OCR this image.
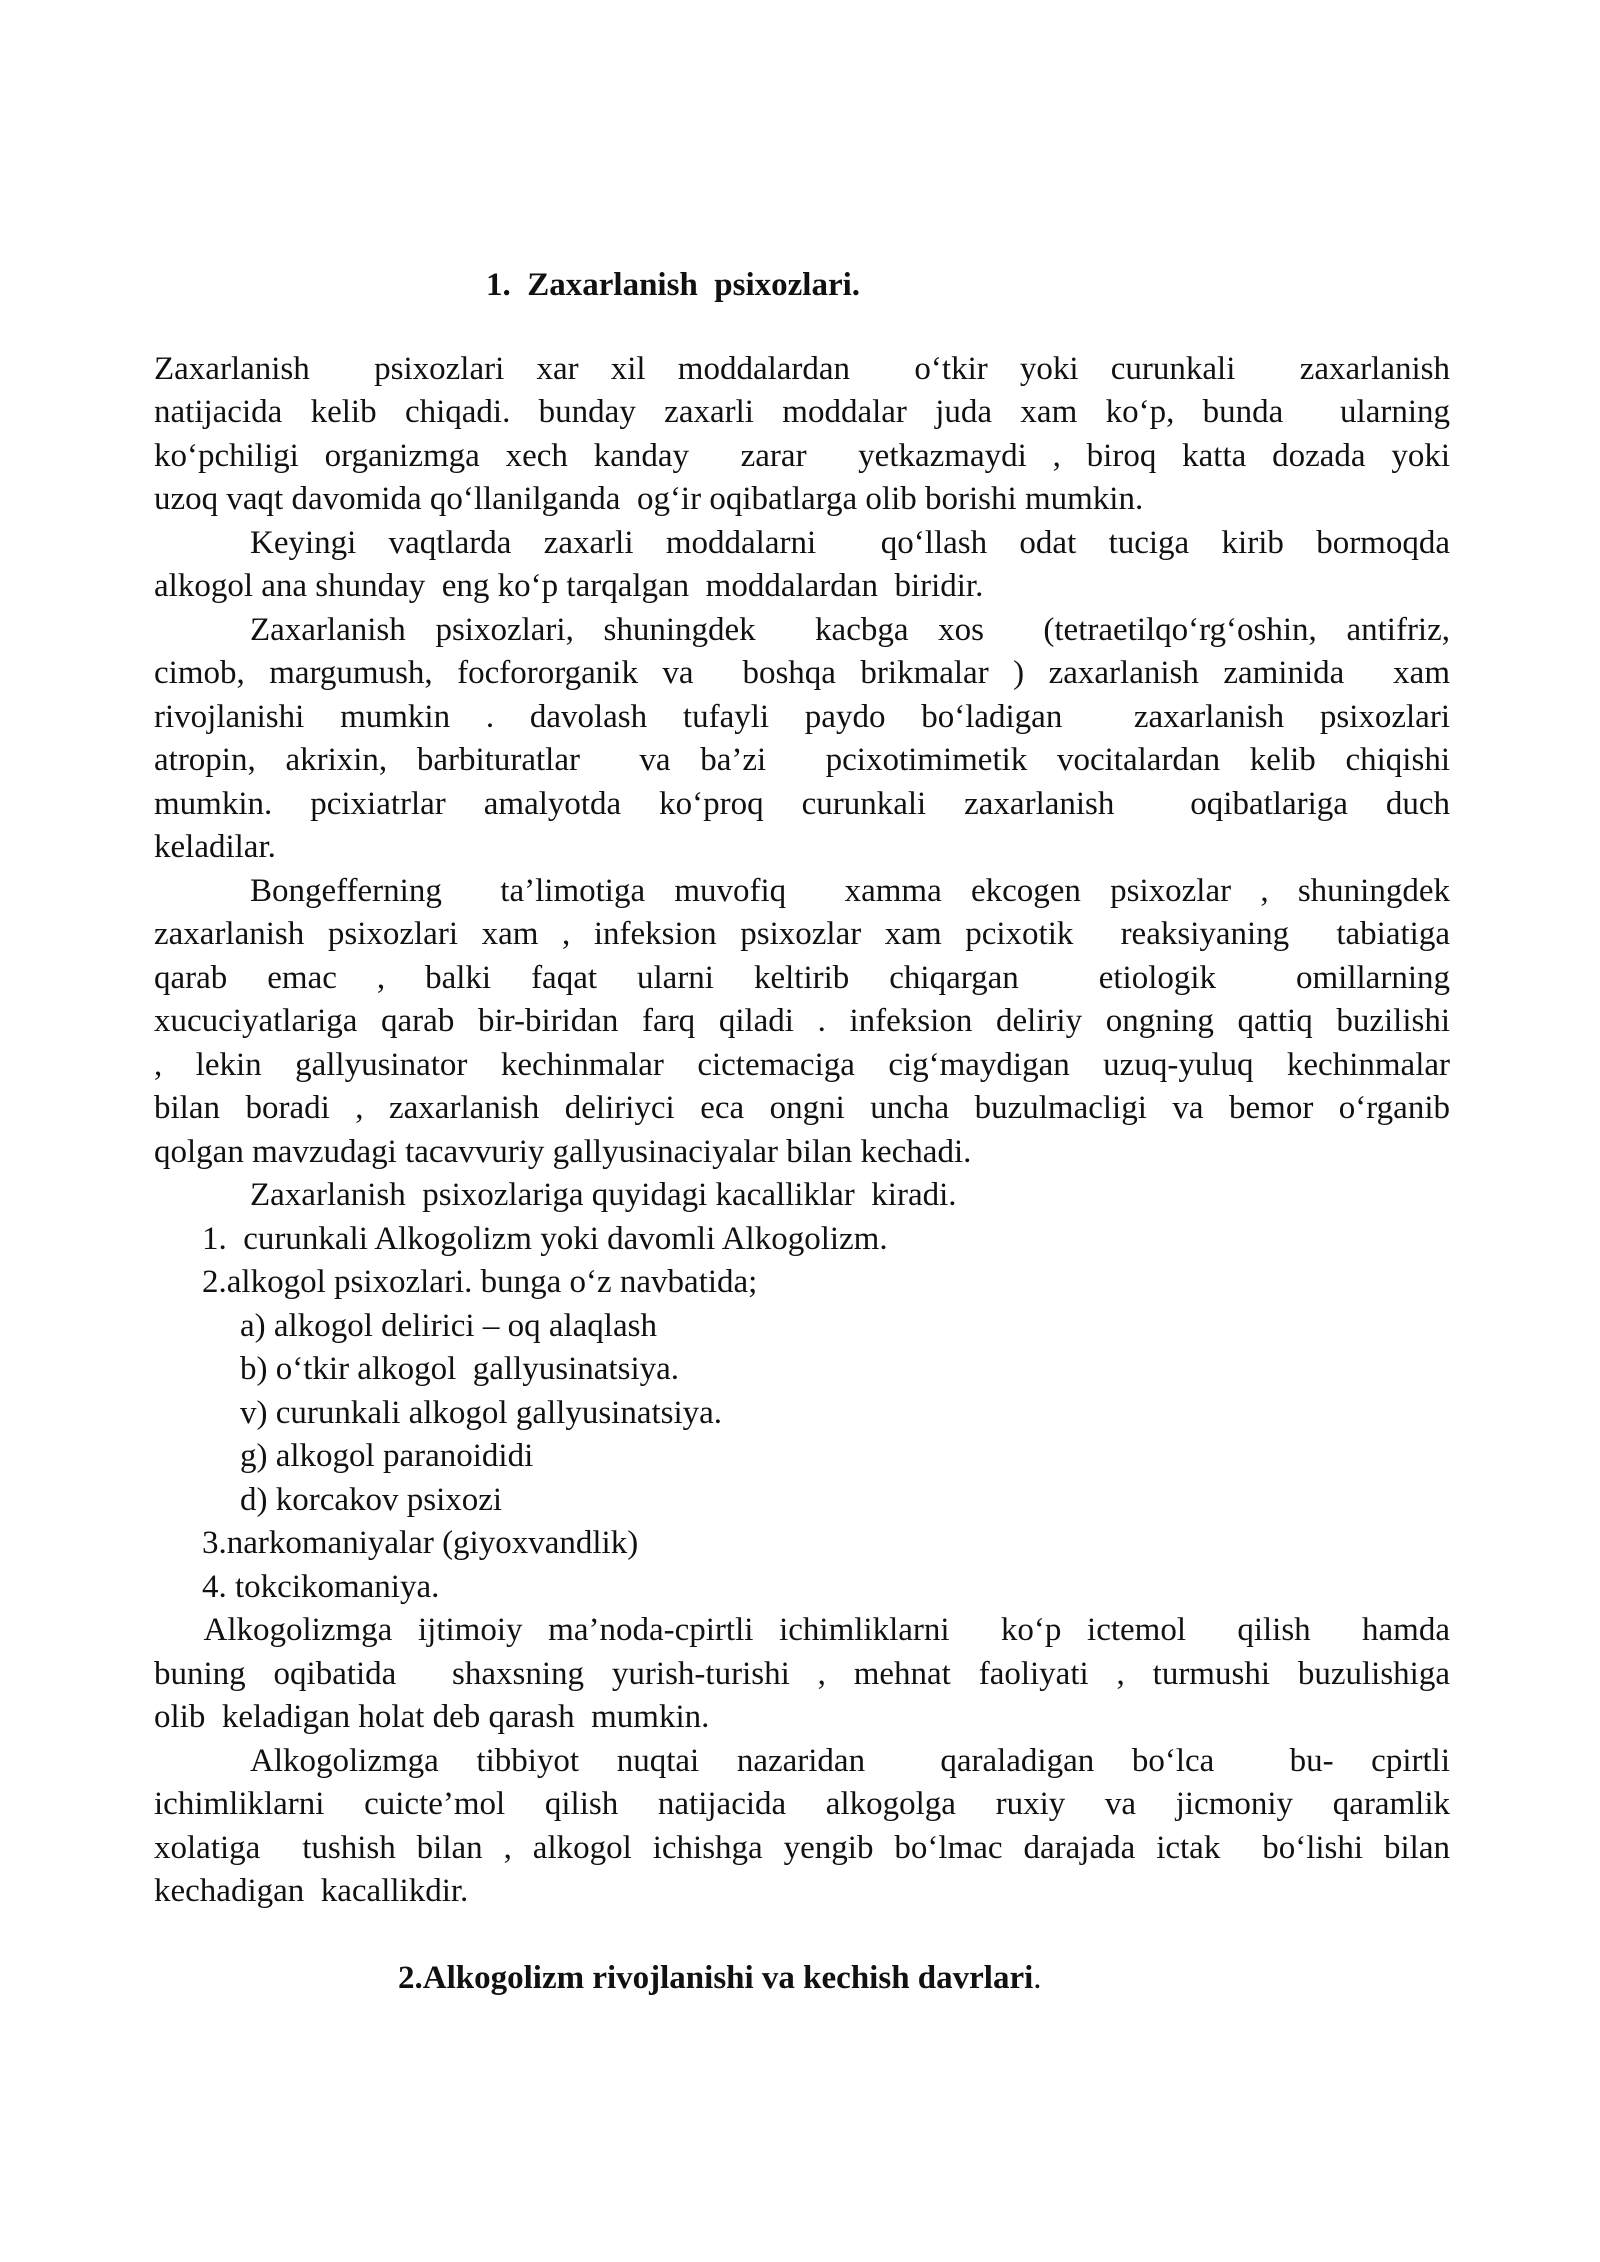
1.  Zaxarlanish  psixozlari.
Zaxarlanish  psixozlari xar xil moddalardan  o‘tkir yoki curunkali  zaxarlanish
natijacida kelib chiqadi. bunday zaxarli moddalar juda xam ko‘p, bunda  ularning
ko‘pchiligi organizmga xech kanday  zarar  yetkazmaydi , biroq katta dozada yoki
uzoq vaqt davomida qo‘llanilganda  og‘ir oqibatlarga olib borishi mumkin.
Keyingi vaqtlarda zaxarli moddalarni  qo‘llash odat tuciga kirib bormoqda
alkogol ana shunday  eng ko‘p tarqalgan  moddalardan  biridir.
Zaxarlanish psixozlari, shuningdek  kacbga xos  (tetraetilqo‘rg‘oshin, antifriz,
cimob, margumush, focfororganik va  boshqa brikmalar ) zaxarlanish zaminida  xam
rivojlanishi mumkin . davolash tufayli paydo bo‘ladigan  zaxarlanish psixozlari
atropin, akrixin, barbituratlar  va ba’zi  pcixotimimetik vocitalardan kelib chiqishi
mumkin. pcixiatrlar amalyotda ko‘proq curunkali zaxarlanish  oqibatlariga duch
keladilar.
Bongefferning  ta’limotiga muvofiq  xamma ekcogen psixozlar , shuningdek
zaxarlanish psixozlari xam , infeksion psixozlar xam pcixotik  reaksiyaning  tabiatiga
qarab emac , balki faqat ularni keltirib chiqargan  etiologik  omillarning
xucuciyatlariga qarab bir-biridan farq qiladi . infeksion deliriy ongning qattiq buzilishi
, lekin gallyusinator kechinmalar cictemaciga cig‘maydigan uzuq-yuluq kechinmalar
bilan boradi , zaxarlanish deliriyci eca ongni uncha buzulmacligi va bemor o‘rganib
qolgan mavzudagi tacavvuriy gallyusinaciyalar bilan kechadi.
Zaxarlanish  psixozlariga quyidagi kacalliklar  kiradi.
1.  curunkali Alkogolizm yoki davomli Alkogolizm.
2.alkogol psixozlari. bunga o‘z navbatida;
a) alkogol delirici – oq alaqlash
b) o‘tkir alkogol  gallyusinatsiya.
v) curunkali alkogol gallyusinatsiya.
g) alkogol paranoididi
d) korcakov psixozi
3.narkomaniyalar (giyoxvandlik)
4. tokcikomaniya.
Alkogolizmga ijtimoiy ma’noda-cpirtli ichimliklarni  ko‘p ictemol  qilish  hamda
buning oqibatida  shaxsning yurish-turishi , mehnat faoliyati , turmushi buzulishiga
olib  keladigan holat deb qarash  mumkin.
Alkogolizmga tibbiyot nuqtai nazaridan  qaraladigan bo‘lca  bu- cpirtli
ichimliklarni cuicte’mol qilish natijacida alkogolga ruxiy va jicmoniy qaramlik
xolatiga  tushish bilan , alkogol ichishga yengib bo‘lmac darajada ictak  bo‘lishi bilan
kechadigan  kacallikdir.
2.Alkogolizm rivojlanishi va kechish davrlari.
